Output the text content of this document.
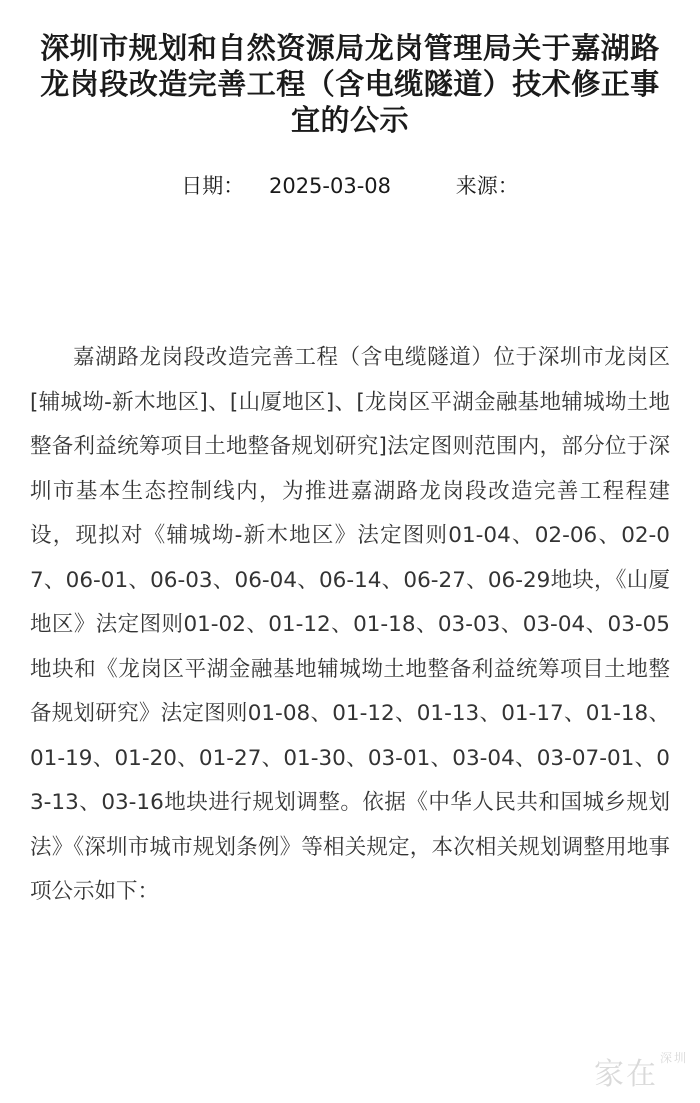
深圳市规划和自然资源局龙岗管理局关于嘉湖路龙岗段改造完善工程（含电缆隧道）技术修正事宜的公示
日期： 2025-03-08	来源：

嘉湖路龙岗段改造完善工程（含电缆隧道）位于深圳市龙岗区[辅城坳-新木地区]、[山厦地区]、[龙岗区平湖金融基地辅城坳土地整备利益统筹项目土地整备规划研究]法定图则范围内，部分位于深圳市基本生态控制线内，为推进嘉湖路龙岗段改造完善工程程建设，现拟对《辅城坳-新木地区》法定图则01-04、02-06、02-07、06-01、06-03、06-04、06-14、06-27、06-29地块，《山厦地区》法定图则01-02、01-12、01-18、03-03、03-04、03-05地块和《龙岗区平湖金融基地辅城坳土地整备利益统筹项目土地整备规划研究》法定图则01-08、01-12、01-13、01-17、01-18、01-19、01-20、01-27、01-30、03-01、03-04、03-07-01、03-13、03-16地块进行规划调整。依据《中华人民共和国城乡规划法》《深圳市城市规划条例》等相关规定，本次相关规划调整用地事项公示如下：

家在 $^{深圳}$
